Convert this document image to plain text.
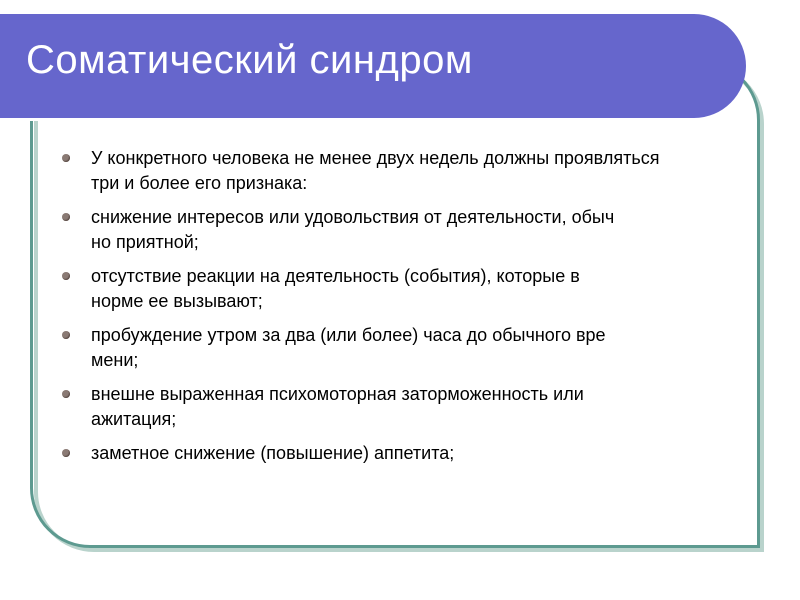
Соматический синдром
У конкретного человека не менее двух недель должны проявляться
три и более его признака:
снижение интересов или удовольствия от деятельности, обыч
но приятной;
отсутствие реакции на деятельность (события), которые в
норме ее вызывают;
пробуждение утром за два (или более) часа до обычного вре
мени;
внешне выраженная психомоторная заторможенность или
ажитация;
заметное снижение (повышение) аппетита;
